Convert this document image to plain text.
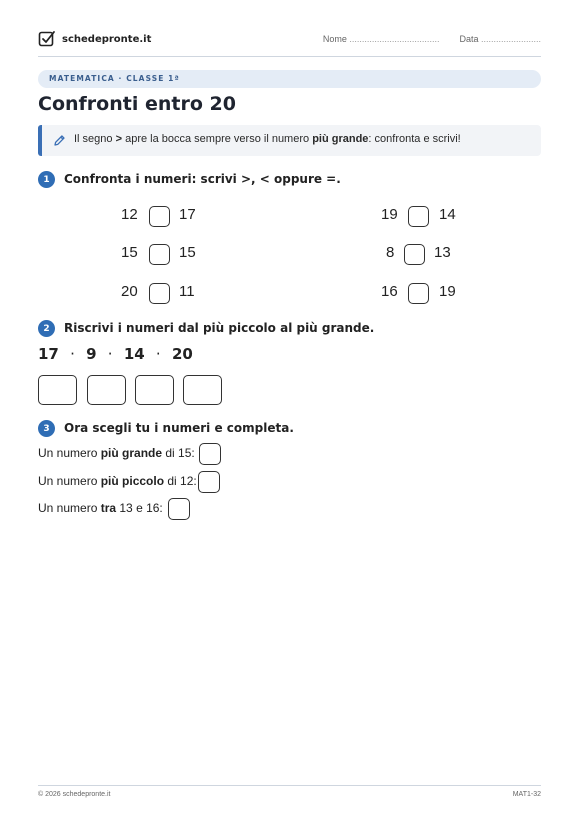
schedepronte.it	Nome .................................... Data ........................
MATEMATICA · CLASSE 1ª
Confronti entro 20
Il segno > apre la bocca sempre verso il numero più grande: confronta e scrivi!
1	Confronta i numeri: scrivi >, < oppure =.
12	17
15	15
20	11
19	14
8	13
16	19
2	Riscrivi i numeri dal più piccolo al più grande.
17 · 9 · 14 · 20
3	Ora scegli tu i numeri e completa.
Un numero più grande di 15:
Un numero più piccolo di 12:
Un numero tra 13 e 16:
© 2026 schedepronte.it	MAT1-32
